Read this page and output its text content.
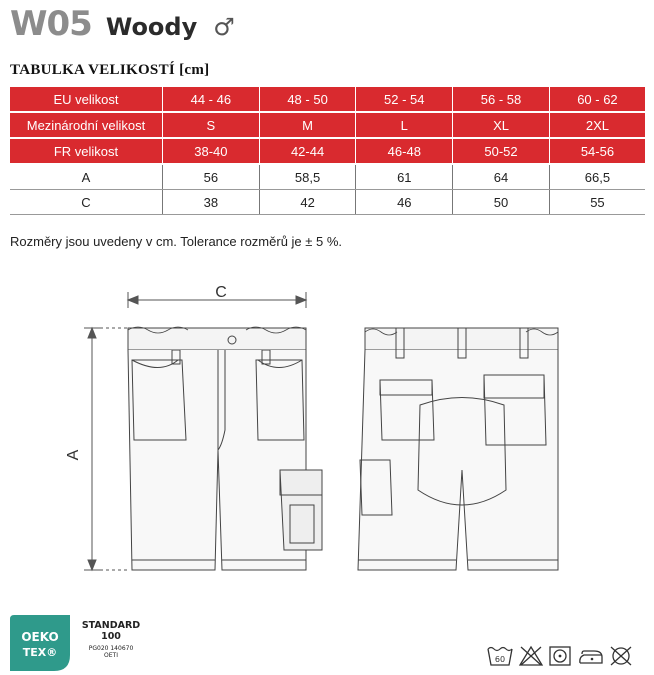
W05 Woody ♂
TABULKA VELIKOSTÍ [cm]
EU velikost	44 - 46	48 - 50	52 - 54	56 - 58	60 - 62
Mezinárodní velikost	S	M	L	XL	2XL
FR velikost	38-40	42-44	46-48	50-52	54-56
A	56	58,5	61	64	66,5
C	38	42	46	50	55
Rozměry jsou uvedeny v cm. Tolerance rozměrů je ± 5 %.
C
A
OEKO
TEX®
STANDARD
100
PG020 140670
OETI	60
